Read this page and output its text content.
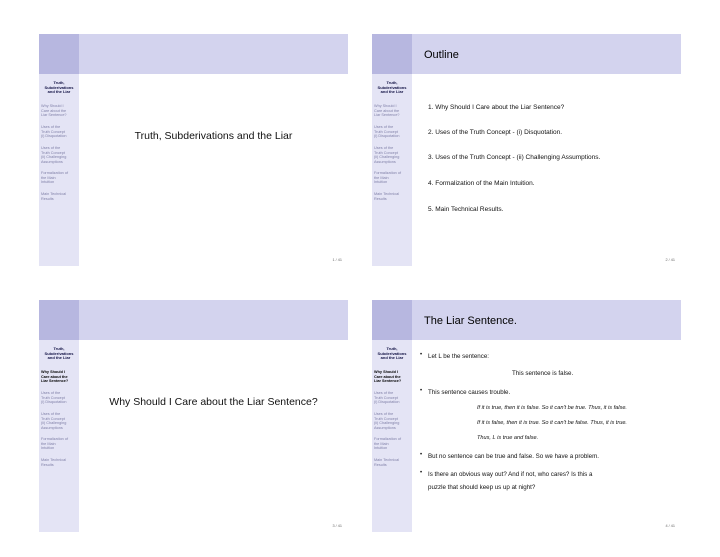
Truth,
Subderivations
and the Liar
Why Should I
Care about the
Liar Sentence?
Uses of the
Truth Concept
(i) Disquotation
Uses of the
Truth Concept
(ii) Challenging
Assumptions
Formalization of
the Main
Intuition
Main Technical
Results
Truth, Subderivations and the Liar
1 / 41
Outline
Truth,
Subderivations
and the Liar
Why Should I
Care about the
Liar Sentence?
Uses of the
Truth Concept
(i) Disquotation
Uses of the
Truth Concept
(ii) Challenging
Assumptions
Formalization of
the Main
Intuition
Main Technical
Results
1. Why Should I Care about the Liar Sentence?
2. Uses of the Truth Concept - (i) Disquotation.
3. Uses of the Truth Concept - (ii) Challenging Assumptions.
4. Formalization of the Main Intuition.
5. Main Technical Results.
2 / 41
Truth,
Subderivations
and the Liar
Why Should I
Care about the
Liar Sentence?
Uses of the
Truth Concept
(i) Disquotation
Uses of the
Truth Concept
(ii) Challenging
Assumptions
Formalization of
the Main
Intuition
Main Technical
Results
Why Should I Care about the Liar Sentence?
3 / 41
The Liar Sentence.
Truth,
Subderivations
and the Liar
Why Should I
Care about the
Liar Sentence?
Uses of the
Truth Concept
(i) Disquotation
Uses of the
Truth Concept
(ii) Challenging
Assumptions
Formalization of
the Main
Intuition
Main Technical
Results
• Let L be the sentence:
This sentence is false.
• This sentence causes trouble.
If it is true, then it is false. So it can't be true. Thus, it is false.
If it is false, then it is true. So it can't be false. Thus, it is true.
Thus, L is true and false.
• But no sentence can be true and false. So we have a problem.
• Is there an obvious way out? And if not, who cares? Is this a
puzzle that should keep us up at night?
4 / 41
